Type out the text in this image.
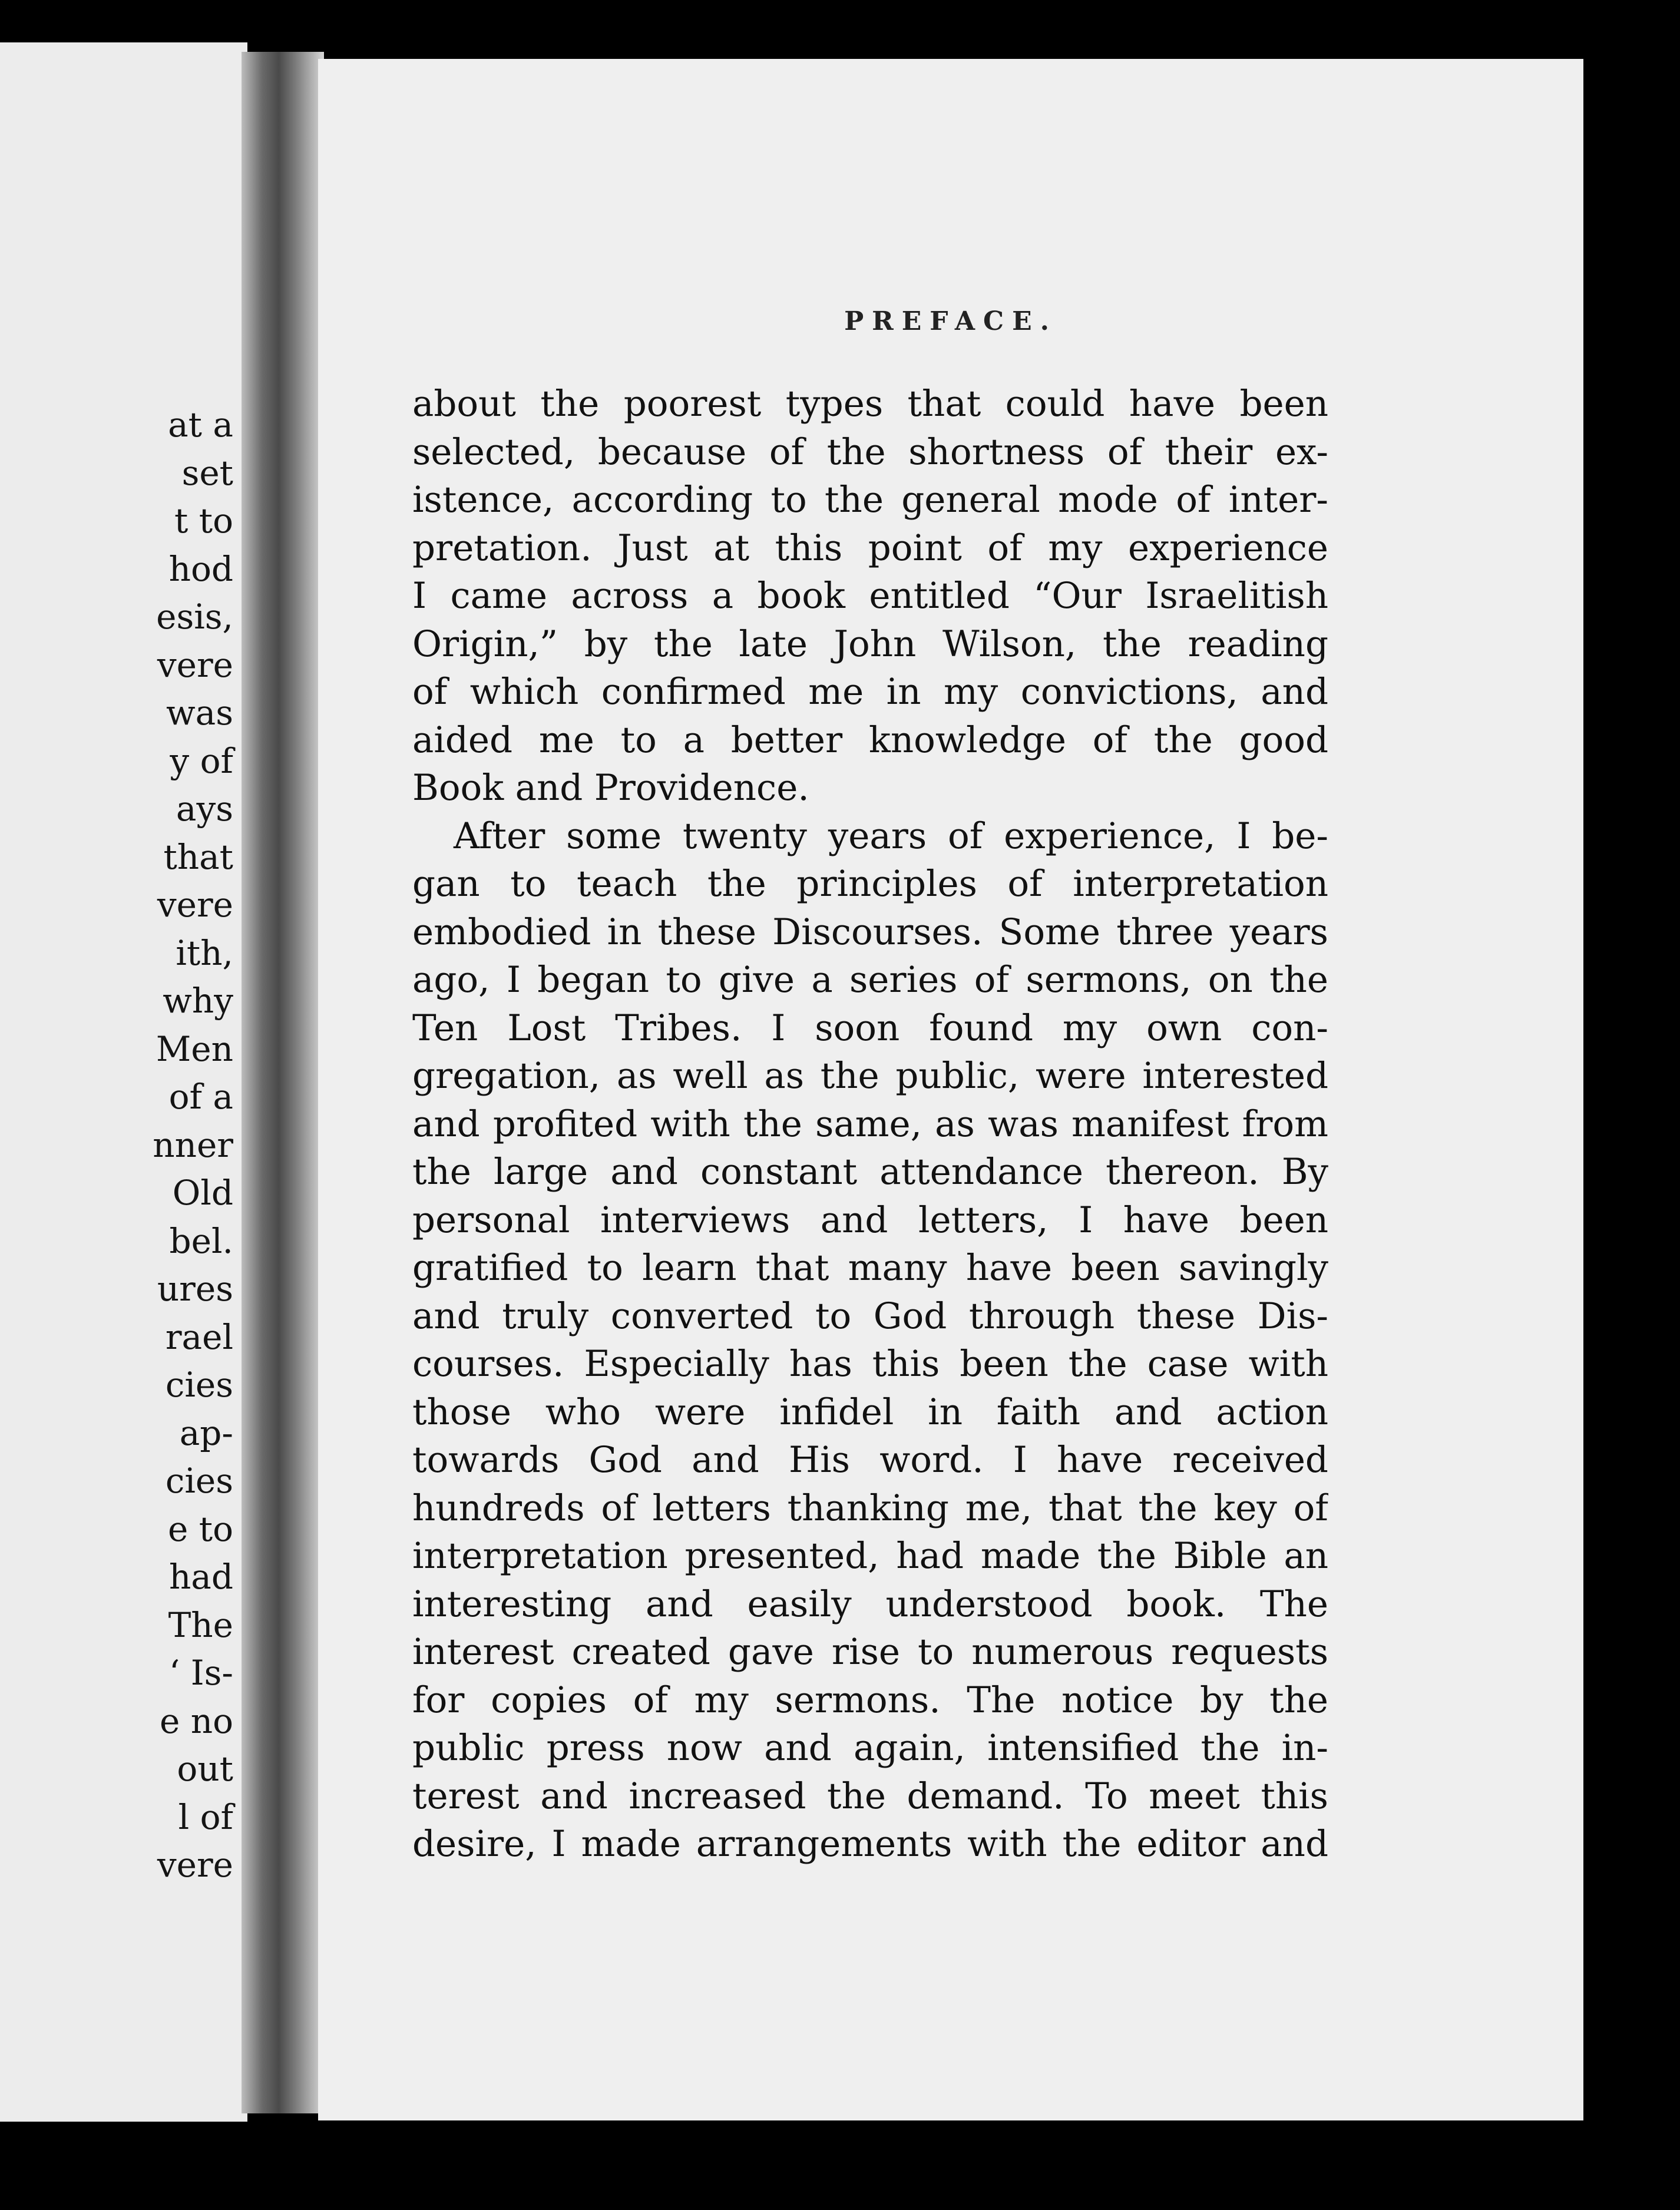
at a
set
t to
hod
esis,
vere
was
y of
ays
that
vere
ith,
why
Men
of a
nner
Old
bel.
ures
rael
cies
ap-
cies
e to
had
The
‘ Is-
e no
out
l of
vere
PREFACE.
about the poorest types that could have been
selected, because of the shortness of their ex-
istence, according to the general mode of inter-
pretation. Just at this point of my experience
I came across a book entitled “Our Israelitish
Origin,” by the late John Wilson, the reading
of which confirmed me in my convictions, and
aided me to a better knowledge of the good
Book and Providence.
After some twenty years of experience, I be-
gan to teach the principles of interpretation
embodied in these Discourses. Some three years
ago, I began to give a series of sermons, on the
Ten Lost Tribes. I soon found my own con-
gregation, as well as the public, were interested
and profited with the same, as was manifest from
the large and constant attendance thereon. By
personal interviews and letters, I have been
gratified to learn that many have been savingly
and truly converted to God through these Dis-
courses. Especially has this been the case with
those who were infidel in faith and action
towards God and His word. I have received
hundreds of letters thanking me, that the key of
interpretation presented, had made the Bible an
interesting and easily understood book. The
interest created gave rise to numerous requests
for copies of my sermons. The notice by the
public press now and again, intensified the in-
terest and increased the demand. To meet this
desire, I made arrangements with the editor and
